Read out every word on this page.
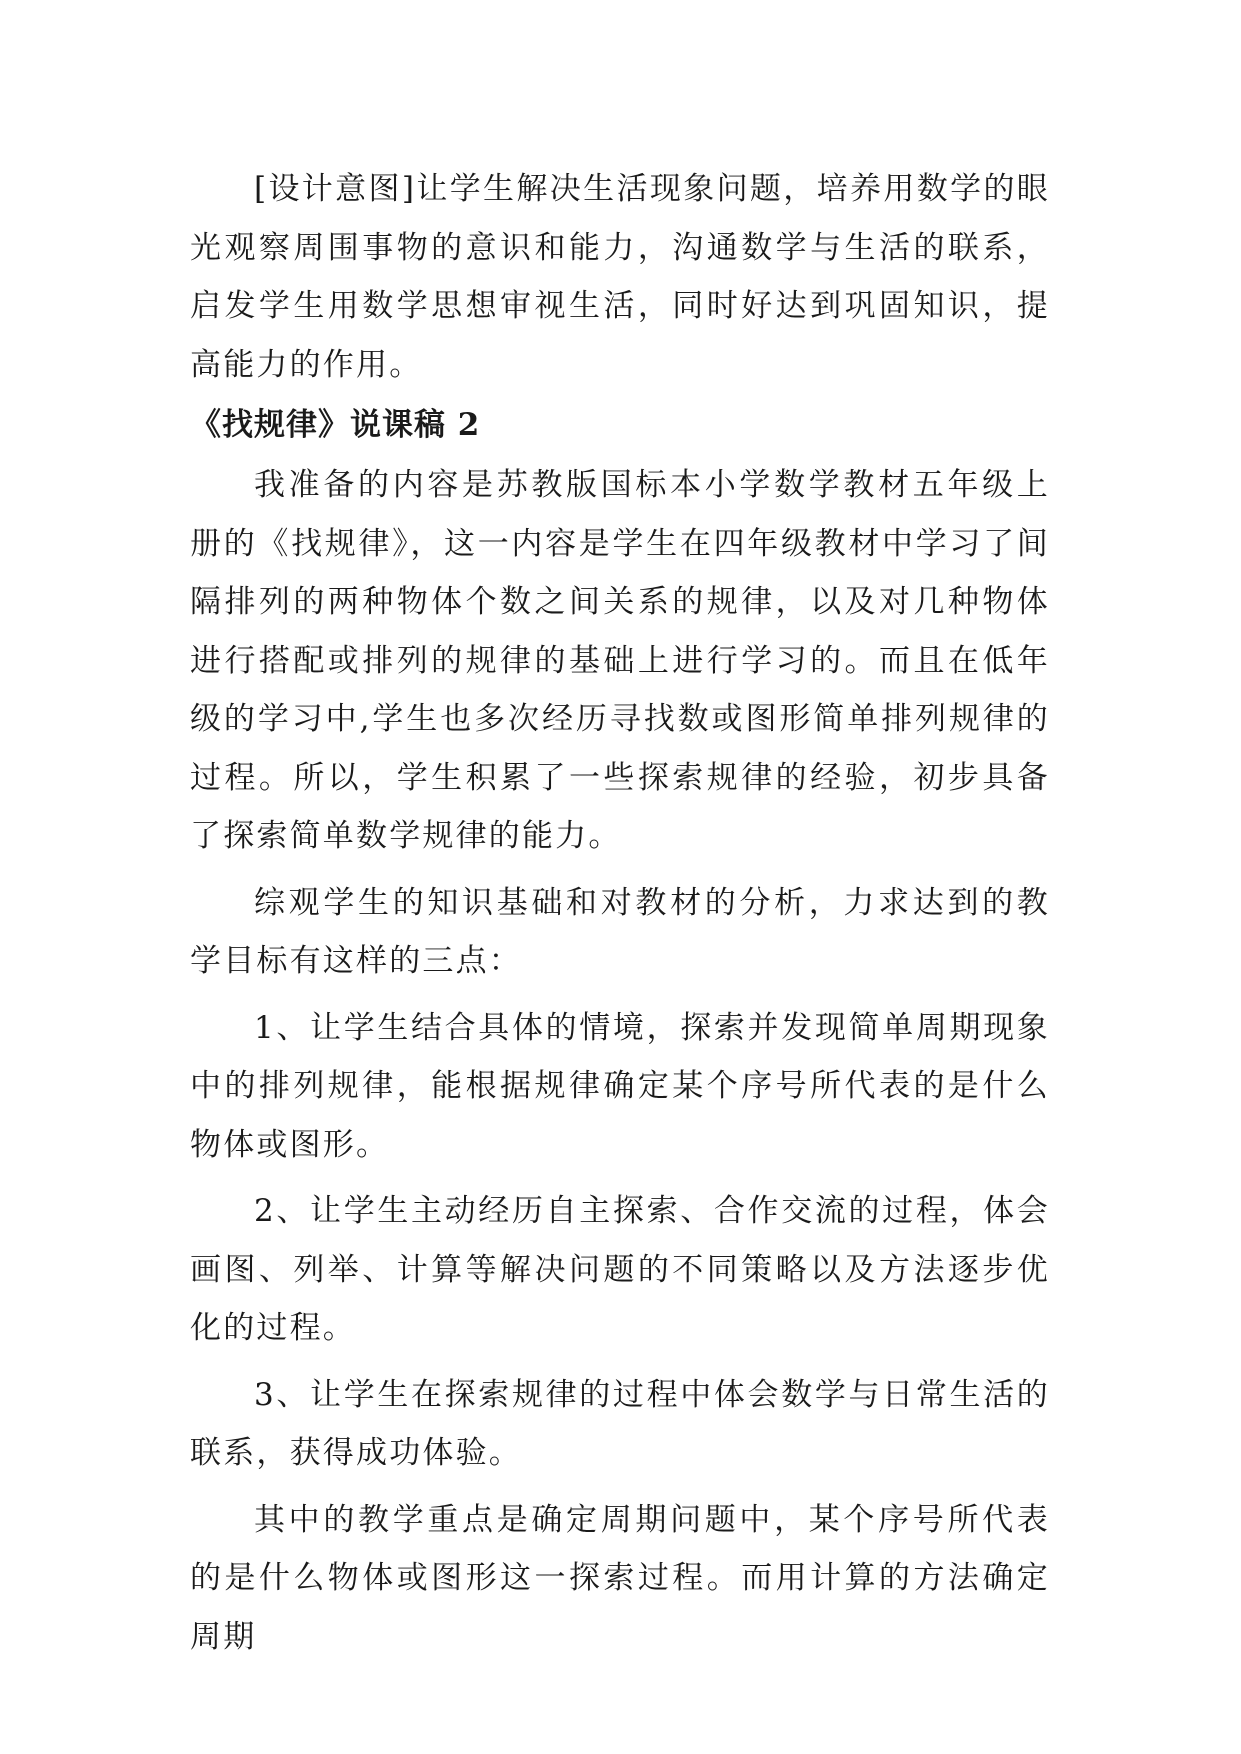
[设计意图]让学生解决生活现象问题，培养用数学的眼光观察周围事物的意识和能力，沟通数学与生活的联系，启发学生用数学思想审视生活，同时好达到巩固知识，提高能力的作用。

《找规律》说课稿 2

我准备的内容是苏教版国标本小学数学教材五年级上册的《找规律》，这一内容是学生在四年级教材中学习了间隔排列的两种物体个数之间关系的规律，以及对几种物体进行搭配或排列的规律的基础上进行学习的。而且在低年级的学习中,学生也多次经历寻找数或图形简单排列规律的过程。所以，学生积累了一些探索规律的经验，初步具备了探索简单数学规律的能力。

综观学生的知识基础和对教材的分析，力求达到的教学目标有这样的三点：

1、让学生结合具体的情境，探索并发现简单周期现象中的排列规律，能根据规律确定某个序号所代表的是什么物体或图形。

2、让学生主动经历自主探索、合作交流的过程，体会画图、列举、计算等解决问题的不同策略以及方法逐步优化的过程。

3、让学生在探索规律的过程中体会数学与日常生活的联系，获得成功体验。

其中的教学重点是确定周期问题中，某个序号所代表的是什么物体或图形这一探索过程。而用计算的方法确定周期
